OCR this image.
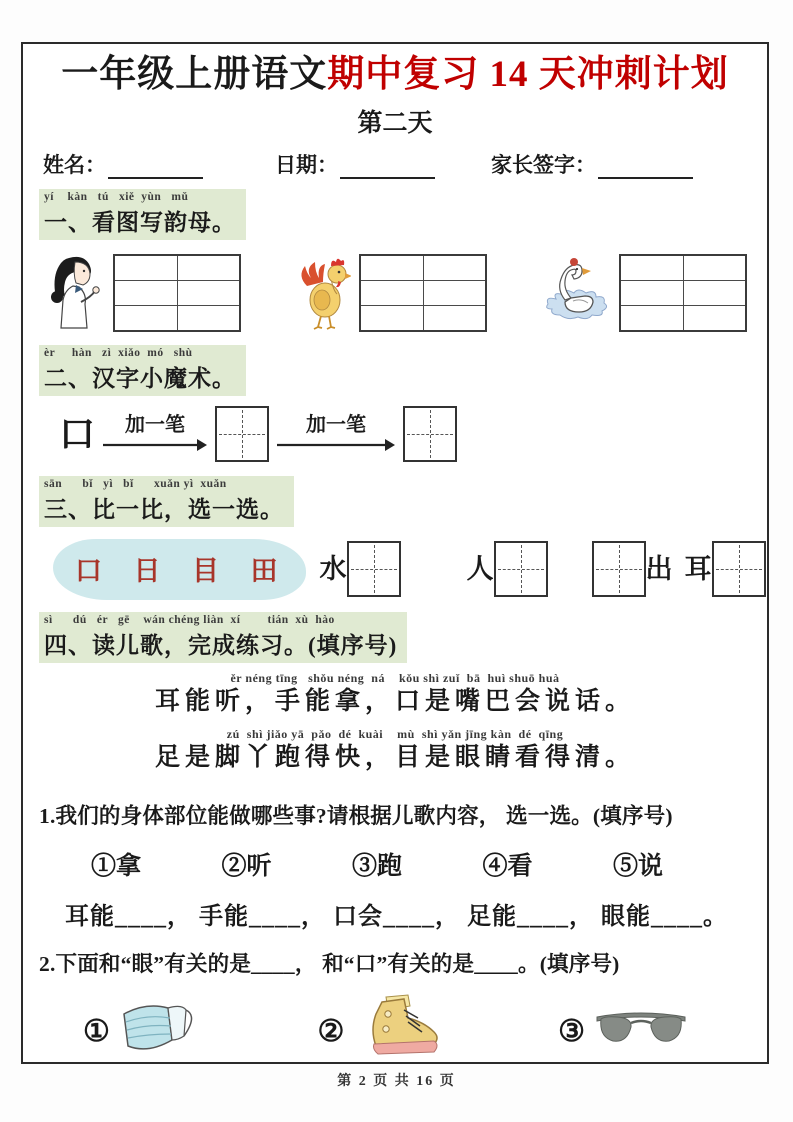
一年级上册语文期中复习 14 天冲刺计划
第二天
姓名：	日期：	家长签字：
yí    kàn   tú   xiě  yùn   mǔ
一、看图写韵母。
èr     hàn   zì  xiǎo  mó   shù
二、汉字小魔术。
口 加一笔	加一笔
sān      bǐ   yì   bǐ      xuǎn yì  xuǎn
三、比一比，选一选。
口  日  目  田	水	人	出 耳
sì      dú   ér   gē    wán chéng liàn  xí        tián  xù  hào
四、读儿歌，完成练习。(填序号)
ěr néng tīng   shǒu néng  ná    kǒu shì zuǐ  bā  huì shuō huà
耳能听，手能拿，口是嘴巴会说话。
zú  shì jiǎo yā  pǎo  dé  kuài    mù  shì yǎn jīng kàn  dé  qīng
足是脚丫跑得快，目是眼睛看得清。
1.我们的身体部位能做哪些事?请根据儿歌内容， 选一选。(填序号)
①拿	②听	③跑	④看	⑤说
耳能____， 手能____， 口会____， 足能____， 眼能____。
2.下面和“眼”有关的是____， 和“口”有关的是____。(填序号)
①	②	③
第 2 页 共 16 页
